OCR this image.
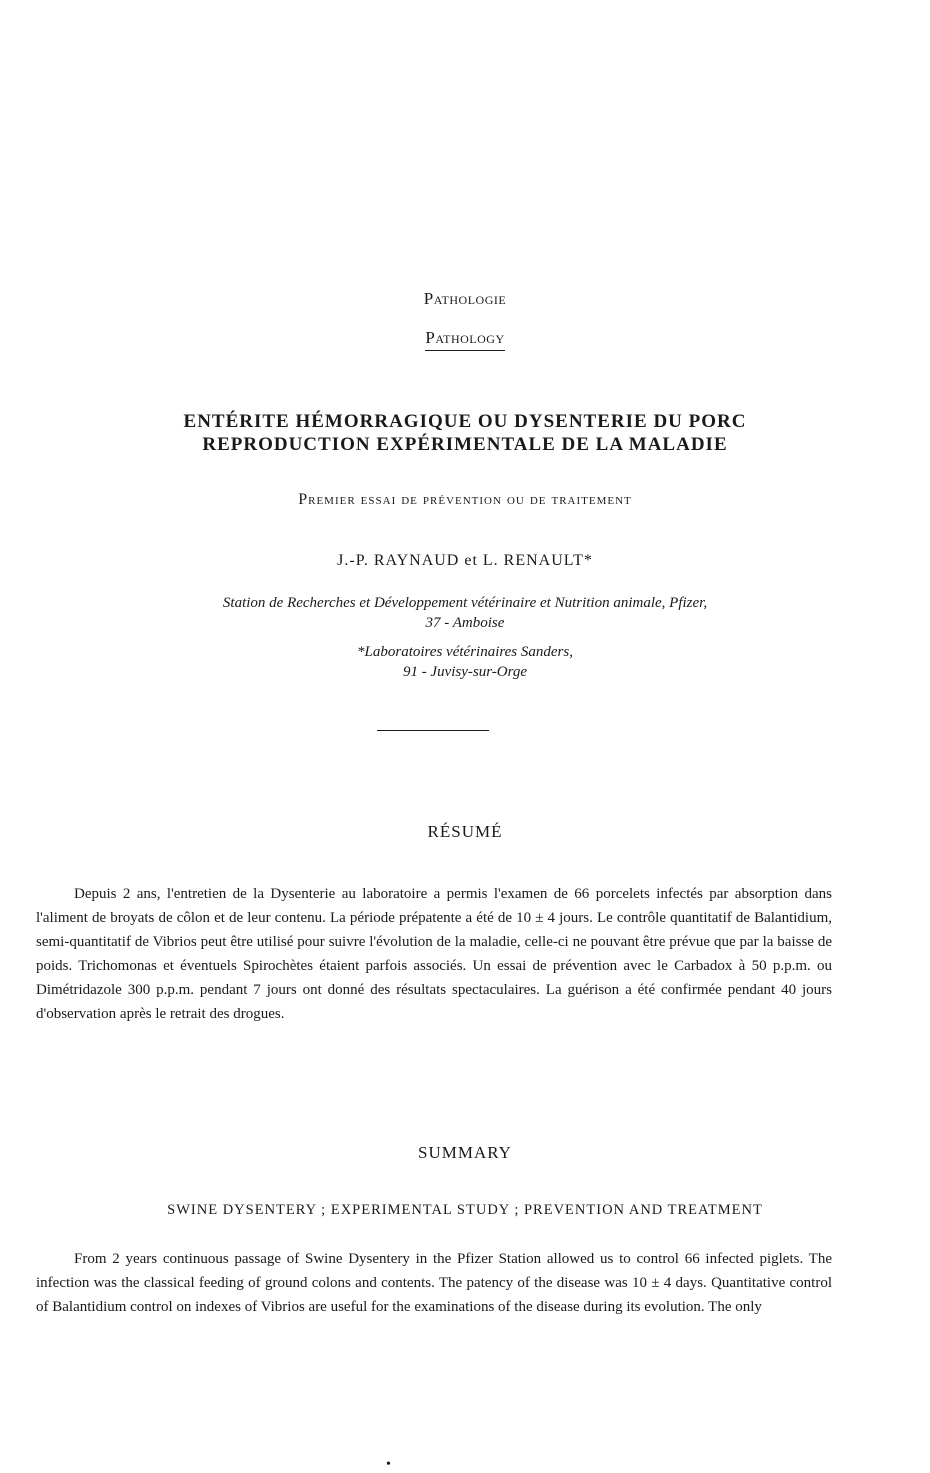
Pathologie
Pathology
ENTÉRITE HÉMORRAGIQUE OU DYSENTERIE DU PORC
REPRODUCTION EXPÉRIMENTALE DE LA MALADIE
Premier essai de prévention ou de traitement
J.-P. RAYNAUD et L. RENAULT*
Station de Recherches et Développement vétérinaire et Nutrition animale, Pfizer,
37 - Amboise
*Laboratoires vétérinaires Sanders,
91 - Juvisy-sur-Orge
RÉSUMÉ
Depuis 2 ans, l'entretien de la Dysenterie au laboratoire a permis l'examen de 66 porcelets infectés par absorption dans l'aliment de broyats de côlon et de leur contenu. La période prépatente a été de 10 ± 4 jours. Le contrôle quantitatif de Balantidium, semi-quantitatif de Vibrios peut être utilisé pour suivre l'évolution de la maladie, celle-ci ne pouvant être prévue que par la baisse de poids. Trichomonas et éventuels Spirochètes étaient parfois associés. Un essai de prévention avec le Carbadox à 50 p.p.m. ou Dimétridazole 300 p.p.m. pendant 7 jours ont donné des résultats spectaculaires. La guérison a été confirmée pendant 40 jours d'observation après le retrait des drogues.
SUMMARY
SWINE DYSENTERY ; EXPERIMENTAL STUDY ; PREVENTION AND TREATMENT
From 2 years continuous passage of Swine Dysentery in the Pfizer Station allowed us to control 66 infected piglets. The infection was the classical feeding of ground colons and contents. The patency of the disease was 10 ± 4 days. Quantitative control of Balantidium control on indexes of Vibrios are useful for the examinations of the disease during its evolution. The only
•
